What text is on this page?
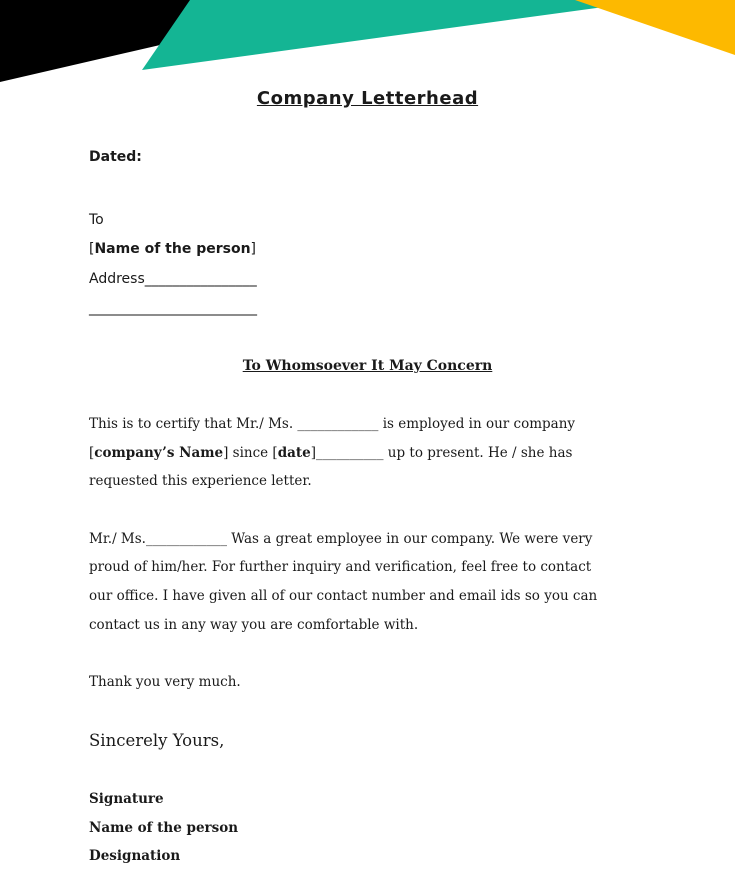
Company Letterhead
Dated:
To
[Name of the person]
Address________________
________________________
To Whomsoever It May Concern
This is to certify that Mr./ Ms. ____________ is employed in our company
[company’s Name] since [date]__________ up to present. He / she has
requested this experience letter.
Mr./ Ms.____________ Was a great employee in our company. We were very
proud of him/her. For further inquiry and verification, feel free to contact
our office. I have given all of our contact number and email ids so you can
contact us in any way you are comfortable with.
Thank you very much.
Sincerely Yours,
Signature
Name of the person
Designation
